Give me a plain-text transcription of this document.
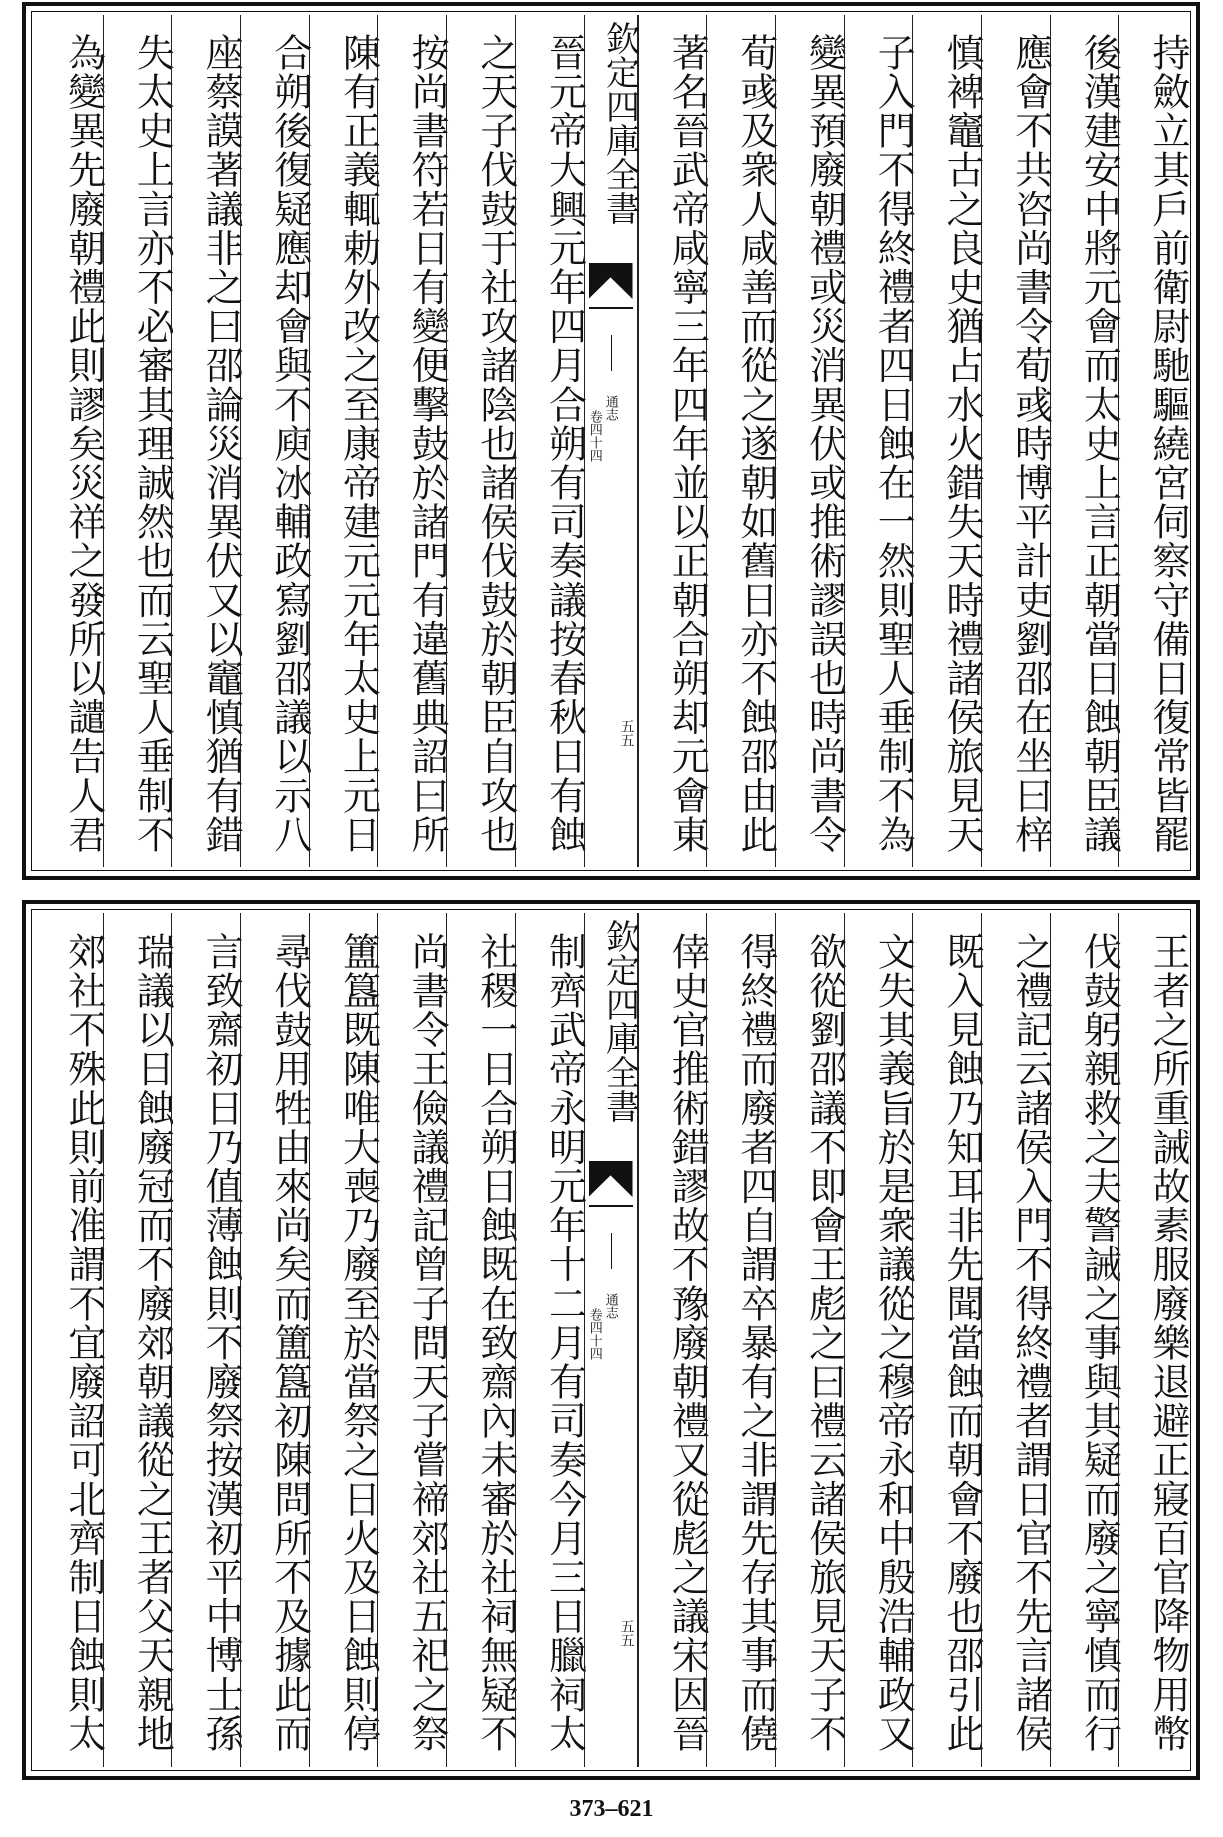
持斂立其戶前衛尉馳驅繞宮伺察守備日復常皆罷
後漢建安中將元會而太史上言正朝當日蝕朝臣議
應會不共咨尚書令荀彧時博平計吏劉邵在坐曰梓
慎裨竈古之良史猶占水火錯失天時禮諸侯旅見天
子入門不得終禮者四日蝕在一然則聖人垂制不為
變異預廢朝禮或災消異伏或推術謬誤也時尚書令
荀彧及衆人咸善而從之遂朝如舊日亦不蝕邵由此
著名晉武帝咸寧三年四年並以正朝合朔却元會東
欽定四庫全書
通志
卷四十四
五五
晉元帝大興元年四月合朔有司奏議按春秋日有蝕
之天子伐鼓于社攻諸陰也諸侯伐鼓於朝臣自攻也
按尚書符若日有變便擊鼓於諸門有違舊典詔曰所
陳有正義輒勅外改之至康帝建元元年太史上元日
合朔後復疑應却會與不庾冰輔政寫劉邵議以示八
座蔡謨著議非之曰邵論災消異伏又以竈慎猶有錯
失太史上言亦不必審其理誠然也而云聖人垂制不
為變異先廢朝禮此則謬矣災祥之發所以譴告人君
王者之所重誡故素服廢樂退避正寢百官降物用幣
伐鼓躬親救之夫警誡之事與其疑而廢之寧慎而行
之禮記云諸侯入門不得終禮者謂日官不先言諸侯
既入見蝕乃知耳非先聞當蝕而朝會不廢也邵引此
文失其義旨於是衆議從之穆帝永和中殷浩輔政又
欲從劉邵議不即會王彪之曰禮云諸侯旅見天子不
得終禮而廢者四自謂卒暴有之非謂先存其事而僥
倖史官推術錯謬故不豫廢朝禮又從彪之議宋因晉
欽定四庫全書
通志
卷四十四
五五
制齊武帝永明元年十二月有司奏今月三日臘祠太
社稷一日合朔日蝕既在致齋內未審於社祠無疑不
尚書令王儉議禮記曾子問天子嘗禘郊社五祀之祭
簠簋既陳唯大喪乃廢至於當祭之日火及日蝕則停
尋伐鼓用牲由來尚矣而簠簋初陳問所不及據此而
言致齋初日乃值薄蝕則不廢祭按漢初平中博士孫
瑞議以日蝕廢冠而不廢郊朝議從之王者父天親地
郊社不殊此則前准謂不宜廢詔可北齊制日蝕則太
373–621
